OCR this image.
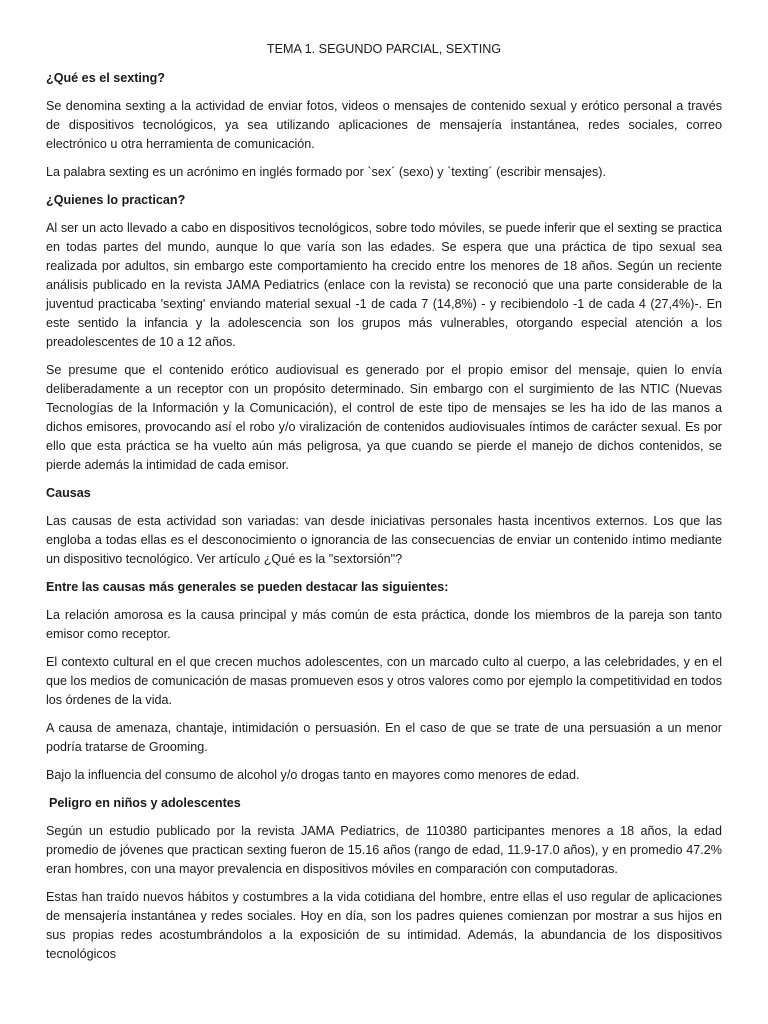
TEMA 1. SEGUNDO PARCIAL, SEXTING
¿Qué es el sexting?

Se denomina sexting a la actividad de enviar fotos, videos o mensajes de contenido sexual y erótico personal a través de dispositivos tecnológicos, ya sea utilizando aplicaciones de mensajería instantánea, redes sociales, correo electrónico u otra herramienta de comunicación.

La palabra sexting es un acrónimo en inglés formado por `sex´ (sexo) y `texting´ (escribir mensajes).

¿Quienes lo practican?

Al ser un acto llevado a cabo en dispositivos tecnológicos, sobre todo móviles, se puede inferir que el sexting se practica en todas partes del mundo, aunque lo que varía son las edades. Se espera que una práctica de tipo sexual sea realizada por adultos, sin embargo este comportamiento ha crecido entre los menores de 18 años. Según un reciente análisis publicado en la revista JAMA Pediatrics (enlace con la revista) se reconoció que una parte considerable de la juventud practicaba 'sexting' enviando material sexual -1 de cada 7 (14,8%) - y recibiendolo -1 de cada 4 (27,4%)-. En este sentido la infancia y la adolescencia son los grupos más vulnerables, otorgando especial atención a los preadolescentes de 10 a 12 años.

Se presume que el contenido erótico audiovisual es generado por el propio emisor del mensaje, quien lo envía deliberadamente a un receptor con un propósito determinado. Sin embargo con el surgimiento de las NTIC (Nuevas Tecnologías de la Información y la Comunicación), el control de este tipo de mensajes se les ha ido de las manos a dichos emisores, provocando así el robo y/o viralización de contenidos audiovisuales íntimos de carácter sexual. Es por ello que esta práctica se ha vuelto aún más peligrosa, ya que cuando se pierde el manejo de dichos contenidos, se pierde además la intimidad de cada emisor.

Causas

Las causas de esta actividad son variadas: van desde iniciativas personales hasta incentivos externos. Los que las engloba a todas ellas es el desconocimiento o ignorancia de las consecuencias de enviar un contenido íntimo mediante un dispositivo tecnológico. Ver artículo ¿Qué es la "sextorsión"?

Entre las causas más generales se pueden destacar las siguientes:

La relación amorosa es la causa principal y más común de esta práctica, donde los miembros de la pareja son tanto emisor como receptor.

El contexto cultural en el que crecen muchos adolescentes, con un marcado culto al cuerpo, a las celebridades, y en el que los medios de comunicación de masas promueven esos y otros valores como por ejemplo la competitividad en todos los órdenes de la vida.

A causa de amenaza, chantaje, intimidación o persuasión. En el caso de que se trate de una persuasión a un menor podría tratarse de Grooming.

Bajo la influencia del consumo de alcohol y/o drogas tanto en mayores como menores de edad.

Peligro en niños y adolescentes

Según un estudio publicado por la revista JAMA Pediatrics, de 110380 participantes menores a 18 años, la edad promedio de jóvenes que practican sexting fueron de 15.16 años (rango de edad, 11.9-17.0 años), y en promedio 47.2% eran hombres, con una mayor prevalencia en dispositivos móviles en comparación con computadoras.

Estas han traído nuevos hábitos y costumbres a la vida cotidiana del hombre, entre ellas el uso regular de aplicaciones de mensajería instantánea y redes sociales. Hoy en día, son los padres quienes comienzan por mostrar a sus hijos en sus propias redes acostumbrándolos a la exposición de su intimidad. Además, la abundancia de los dispositivos tecnológicos
